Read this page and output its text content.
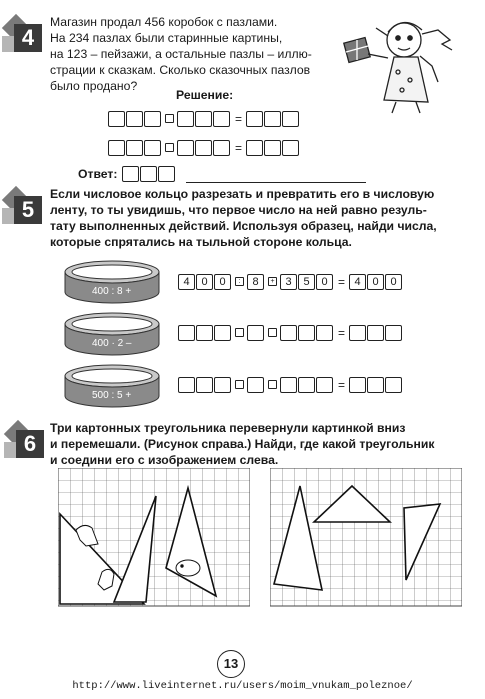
4
Магазин продал 456 коробок с пазлами.
На 234 пазлах были старинные картины,
на 123 – пейзажи, а остальные пазлы – иллю-
страции к сказкам. Сколько сказочных пазлов
было продано?
Решение:
=
=
Ответ:
5
Если числовое кольцо разрезать и превратить его в числовую
ленту, то ты увидишь, что первое число на ней равно резуль-
тату выполненных действий. Используя образец, найди числа,
которые спрятались на тыльной стороне кольца.
400 : 8 +
400 · 2 –
500 : 5 +
4 0 0 : 8 + 3 5 0 = 4 0 0
=
=
6
Три картонных треугольника перевернули картинкой вниз
и перемешали. (Рисунок справа.) Найди, где какой треугольник
и соедини его с изображением слева.
13
http://www.liveinternet.ru/users/moim_vnukam_poleznoe/
